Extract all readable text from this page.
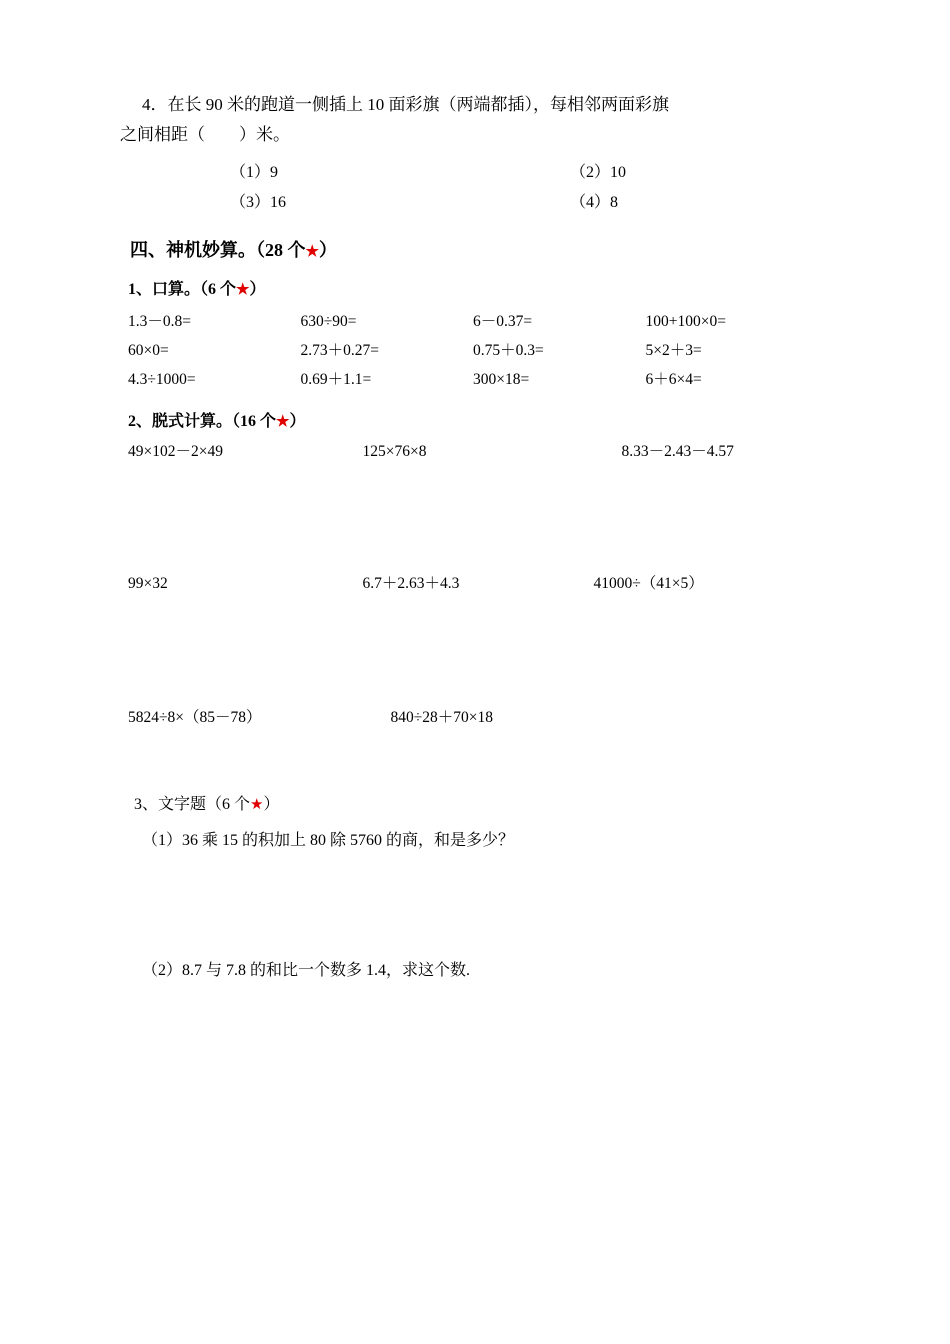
4．在长 90 米的跑道一侧插上 10 面彩旗（两端都插），每相邻两面彩旗
之间相距（　　）米。
（1）9	（2）10
（3）16	（4）8
四、神机妙算。（28 个★）
1、口算。（6 个★）
1.3－0.8=	630÷90=	6－0.37=	100+100×0=
60×0=	2.73＋0.27=	0.75＋0.3=	5×2＋3=
4.3÷1000=	0.69＋1.1=	300×18=	6＋6×4=
2、脱式计算。（16 个★）
49×102－2×49	125×76×8	8.33－2.43－4.57
99×32	6.7＋2.63＋4.3	41000÷（41×5）
5824÷8×（85－78）	840÷28＋70×18
3、文字题（6 个★）
（1）36 乘 15 的积加上 80 除 5760 的商，和是多少？
（2）8.7 与 7.8 的和比一个数多 1.4，求这个数.
